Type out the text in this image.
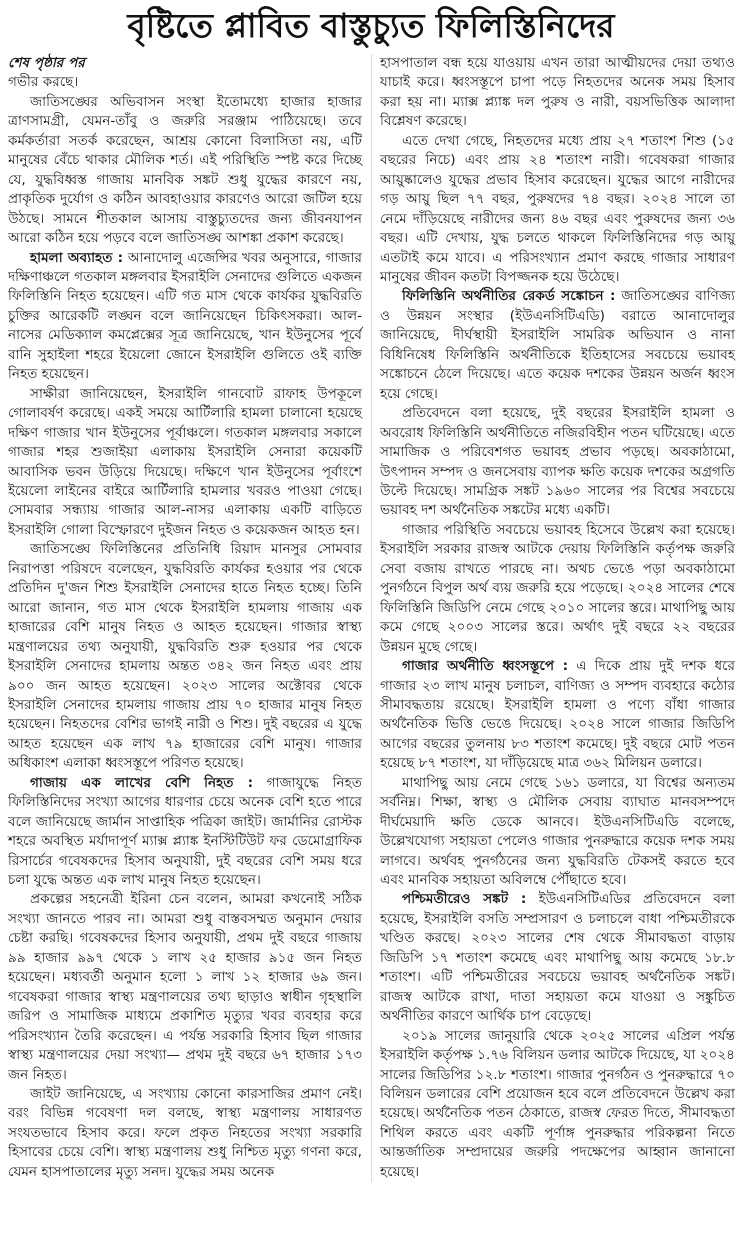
বৃষ্টিতে প্লাবিত বাস্তুচ্যুত ফিলিস্তিনিদের
শেষ পৃষ্ঠার পর

গভীর করছে।

জাতিসঙ্ঘের অভিবাসন সংস্থা ইতোমধ্যে হাজার হাজার ত্রাণসামগ্রী, যেমন-তাঁবু ও জরুরি সরঞ্জাম পাঠিয়েছে। তবে কর্মকর্তারা সতর্ক করেছেন, আশ্রয় কোনো বিলাসিতা নয়, এটি মানুষের বেঁচে থাকার মৌলিক শর্ত। এই পরিস্থিতি স্পষ্ট করে দিচ্ছে যে, যুদ্ধবিধ্বস্ত গাজায় মানবিক সঙ্কট শুধু যুদ্ধের কারণে নয়, প্রাকৃতিক দুর্যোগ ও কঠিন আবহাওয়ার কারণেও আরো জটিল হয়ে উঠছে। সামনে শীতকাল আসায় বাস্তুচ্যুতদের জন্য জীবনযাপন আরো কঠিন হয়ে পড়বে বলে জাতিসঙ্ঘ আশঙ্কা প্রকাশ করেছে।

হামলা অব্যাহত : আনাদোলু এজেন্সির খবর অনুসারে, গাজার দক্ষিণাঞ্চলে গতকাল মঙ্গলবার ইসরাইলি সেনাদের গুলিতে একজন ফিলিস্তিনি নিহত হয়েছেন। এটি গত মাস থেকে কার্যকর যুদ্ধবিরতি চুক্তির আরেকটি লঙ্ঘন বলে জানিয়েছেন চিকিৎসকরা। আল-নাসের মেডিক্যাল কমপ্লেক্সের সূত্র জানিয়েছে, খান ইউনুসের পূর্বে বানি সুহাইলা শহরে ইয়েলো জোনে ইসরাইলি গুলিতে ওই ব্যক্তি নিহত হয়েছেন।

সাক্ষীরা জানিয়েছেন, ইসরাইলি গানবোট রাফাহ উপকূলে গোলাবর্ষণ করেছে। একই সময়ে আর্টিলারি হামলা চালানো হয়েছে দক্ষিণ গাজার খান ইউনুসের পূর্বাঞ্চলে। গতকাল মঙ্গলবার সকালে গাজার শহর শুজাইয়া এলাকায় ইসরাইলি সেনারা কয়েকটি আবাসিক ভবন উড়িয়ে দিয়েছে। দক্ষিণে খান ইউনুসের পূর্বাংশে ইয়েলো লাইনের বাইরে আর্টিলারি হামলার খবরও পাওয়া গেছে। সোমবার সন্ধ্যায় গাজার আল-নাসর এলাকায় একটি বাড়িতে ইসরাইলি গোলা বিস্ফোরণে দুইজন নিহত ও কয়েকজন আহত হন।

জাতিসঙ্ঘে ফিলিস্তিনের প্রতিনিধি রিয়াদ মানসুর সোমবার নিরাপত্তা পরিষদে বলেছেন, যুদ্ধবিরতি কার্যকর হওয়ার পর থেকে প্রতিদিন দু'জন শিশু ইসরাইলি সেনাদের হাতে নিহত হচ্ছে। তিনি আরো জানান, গত মাস থেকে ইসরাইলি হামলায় গাজায় এক হাজারের বেশি মানুষ নিহত ও আহত হয়েছেন। গাজার স্বাস্থ্য মন্ত্রণালয়ের তথ্য অনুযায়ী, যুদ্ধবিরতি শুরু হওয়ার পর থেকে ইসরাইলি সেনাদের হামলায় অন্তত ৩৪২ জন নিহত এবং প্রায় ৯০০ জন আহত হয়েছেন। ২০২৩ সালের অক্টোবর থেকে ইসরাইলি সেনাদের হামলায় গাজায় প্রায় ৭০ হাজার মানুষ নিহত হয়েছেন। নিহতদের বেশির ভাগই নারী ও শিশু। দুই বছরের এ যুদ্ধে আহত হয়েছেন এক লাখ ৭৯ হাজারের বেশি মানুষ। গাজার অধিকাংশ এলাকা ধ্বংসস্তূপে পরিণত হয়েছে।

গাজায় এক লাখের বেশি নিহত : গাজাযুদ্ধে নিহত ফিলিস্তিনিদের সংখ্যা আগের ধারণার চেয়ে অনেক বেশি হতে পারে বলে জানিয়েছে জার্মান সাপ্তাহিক পত্রিকা জাইট। জার্মানির রোস্টক শহরে অবস্থিত মর্যাদাপূর্ণ ম্যাক্স প্ল্যাঙ্ক ইনস্টিটিউট ফর ডেমোগ্রাফিক রিসার্চের গবেষকদের হিসাব অনুযায়ী, দুই বছরের বেশি সময় ধরে চলা যুদ্ধে অন্তত এক লাখ মানুষ নিহত হয়েছেন।

প্রকল্পের সহনেত্রী ইরিনা চেন বলেন, আমরা কখনোই সঠিক সংখ্যা জানতে পারব না। আমরা শুধু বাস্তবসম্মত অনুমান দেয়ার চেষ্টা করছি। গবেষকদের হিসাব অনুযায়ী, প্রথম দুই বছরে গাজায় ৯৯ হাজার ৯৯৭ থেকে ১ লাখ ২৫ হাজার ৯১৫ জন নিহত হয়েছেন। মধ্যবর্তী অনুমান হলো ১ লাখ ১২ হাজার ৬৯ জন। গবেষকরা গাজার স্বাস্থ্য মন্ত্রণালয়ের তথ্য ছাড়াও স্বাধীন গৃহস্থালি জরিপ ও সামাজিক মাধ্যমে প্রকাশিত মৃত্যুর খবর ব্যবহার করে পরিসংখ্যান তৈরি করেছেন। এ পর্যন্ত সরকারি হিসাব ছিল গাজার স্বাস্থ্য মন্ত্রণালয়ের দেয়া সংখ্যা— প্রথম দুই বছরে ৬৭ হাজার ১৭৩ জন নিহত।

জাইট জানিয়েছে, এ সংখ্যায় কোনো কারসাজির প্রমাণ নেই। বরং বিভিন্ন গবেষণা দল বলছে, স্বাস্থ্য মন্ত্রণালয় সাধারণত সংযতভাবে হিসাব করে। ফলে প্রকৃত নিহতের সংখ্যা সরকারি হিসাবের চেয়ে বেশি। স্বাস্থ্য মন্ত্রণালয় শুধু নিশ্চিত মৃত্যু গণনা করে, যেমন হাসপাতালের মৃত্যু সনদ। যুদ্ধের সময় অনেক

হাসপাতাল বন্ধ হয়ে যাওয়ায় এখন তারা আত্মীয়দের দেয়া তথ্যও যাচাই করে। ধ্বংসস্তূপে চাপা পড়ে নিহতদের অনেক সময় হিসাব করা হয় না। ম্যাক্স প্ল্যাঙ্ক দল পুরুষ ও নারী, বয়সভিত্তিক আলাদা বিশ্লেষণ করেছে।

এতে দেখা গেছে, নিহতদের মধ্যে প্রায় ২৭ শতাংশ শিশু (১৫ বছরের নিচে) এবং প্রায় ২৪ শতাংশ নারী। গবেষকরা গাজার আয়ুষ্কালেও যুদ্ধের প্রভাব হিসাব করেছেন। যুদ্ধের আগে নারীদের গড় আয়ু ছিল ৭৭ বছর, পুরুষদের ৭৪ বছর। ২০২৪ সালে তা নেমে দাঁড়িয়েছে নারীদের জন্য ৪৬ বছর এবং পুরুষদের জন্য ৩৬ বছর। এটি দেখায়, যুদ্ধ চলতে থাকলে ফিলিস্তিনিদের গড় আয়ু এতটাই কমে যাবে। এ পরিসংখ্যান প্রমাণ করছে গাজার সাধারণ মানুষের জীবন কতটা বিপজ্জনক হয়ে উঠেছে।

ফিলিস্তিনি অর্থনীতির রেকর্ড সঙ্কোচন : জাতিসঙ্ঘের বাণিজ্য ও উন্নয়ন সংস্থার (ইউএনসিটিএডি) বরাতে আনাদোলুর জানিয়েছে, দীর্ঘস্থায়ী ইসরাইলি সামরিক অভিযান ও নানা বিধিনিষেধ ফিলিস্তিনি অর্থনীতিকে ইতিহাসের সবচেয়ে ভয়াবহ সঙ্কোচনে ঠেলে দিয়েছে। এতে কয়েক দশকের উন্নয়ন অর্জন ধ্বংস হয়ে গেছে।

প্রতিবেদনে বলা হয়েছে, দুই বছরের ইসরাইলি হামলা ও অবরোধ ফিলিস্তিনি অর্থনীতিতে নজিরবিহীন পতন ঘটিয়েছে। এতে সামাজিক ও পরিবেশগত ভয়াবহ প্রভাব পড়ছে। অবকাঠামো, উৎপাদন সম্পদ ও জনসেবায় ব্যাপক ক্ষতি কয়েক দশকের অগ্রগতি উল্টে দিয়েছে। সামগ্রিক সঙ্কট ১৯৬০ সালের পর বিশ্বের সবচেয়ে ভয়াবহ দশ অর্থনৈতিক সঙ্কটের মধ্যে একটি।

গাজার পরিস্থিতি সবচেয়ে ভয়াবহ হিসেবে উল্লেখ করা হয়েছে। ইসরাইলি সরকার রাজস্ব আটকে দেয়ায় ফিলিস্তিনি কর্তৃপক্ষ জরুরি সেবা বজায় রাখতে পারছে না। অথচ ভেঙে পড়া অবকাঠামো পুনর্গঠনে বিপুল অর্থ ব্যয় জরুরি হয়ে পড়েছে। ২০২৪ সালের শেষে ফিলিস্তিনি জিডিপি নেমে গেছে ২০১০ সালের স্তরে। মাথাপিছু আয় কমে গেছে ২০০৩ সালের স্তরে। অর্থাৎ দুই বছরে ২২ বছরের উন্নয়ন মুছে গেছে।

গাজার অর্থনীতি ধ্বংসস্তূপে : এ দিকে প্রায় দুই দশক ধরে গাজার ২৩ লাখ মানুষ চলাচল, বাণিজ্য ও সম্পদ ব্যবহারে কঠোর সীমাবদ্ধতায় রয়েছে। ইসরাইলি হামলা ও পণ্যে বাঁধা গাজার অর্থনৈতিক ভিত্তি ভেঙে দিয়েছে। ২০২৪ সালে গাজার জিডিপি আগের বছরের তুলনায় ৮৩ শতাংশ কমেছে। দুই বছরে মোট পতন হয়েছে ৮৭ শতাংশ, যা দাঁড়িয়েছে মাত্র ৩৬২ মিলিয়ন ডলারে।

মাথাপিছু আয় নেমে গেছে ১৬১ ডলারে, যা বিশ্বের অন্যতম সর্বনিম্ন। শিক্ষা, স্বাস্থ্য ও মৌলিক সেবায় ব্যাঘাত মানবসম্পদে দীর্ঘমেয়াদি ক্ষতি ডেকে আনবে। ইউএনসিটিএডি বলেছে, উল্লেখযোগ্য সহায়তা পেলেও গাজার পুনরুদ্ধারে কয়েক দশক সময় লাগবে। অর্থবহ পুনর্গঠনের জন্য যুদ্ধবিরতি টেকসই করতে হবে এবং মানবিক সহায়তা অবিলম্বে পৌঁছাতে হবে।

পশ্চিমতীরেও সঙ্কট : ইউএনসিটিএডির প্রতিবেদনে বলা হয়েছে, ইসরাইলি বসতি সম্প্রসারণ ও চলাচলে বাধা পশ্চিমতীরকে খণ্ডিত করছে। ২০২৩ সালের শেষ থেকে সীমাবদ্ধতা বাড়ায় জিডিপি ১৭ শতাংশ কমেছে এবং মাথাপিছু আয় কমেছে ১৮.৮ শতাংশ। এটি পশ্চিমতীরের সবচেয়ে ভয়াবহ অর্থনৈতিক সঙ্কট। রাজস্ব আটকে রাখা, দাতা সহায়তা কমে যাওয়া ও সঙ্কুচিত অর্থনীতির কারণে আর্থিক চাপ বেড়েছে।

২০১৯ সালের জানুয়ারি থেকে ২০২৫ সালের এপ্রিল পর্যন্ত ইসরাইলি কর্তৃপক্ষ ১.৭৬ বিলিয়ন ডলার আটকে দিয়েছে, যা ২০২৪ সালের জিডিপির ১২.৮ শতাংশ। গাজার পুনর্গঠন ও পুনরুদ্ধারে ৭০ বিলিয়ন ডলারের বেশি প্রয়োজন হবে বলে প্রতিবেদনে উল্লেখ করা হয়েছে। অর্থনৈতিক পতন ঠেকাতে, রাজস্ব ফেরত দিতে, সীমাবদ্ধতা শিথিল করতে এবং একটি পূর্ণাঙ্গ পুনরুদ্ধার পরিকল্পনা নিতে আন্তর্জাতিক সম্প্রদায়ের জরুরি পদক্ষেপের আহ্বান জানানো হয়েছে।
